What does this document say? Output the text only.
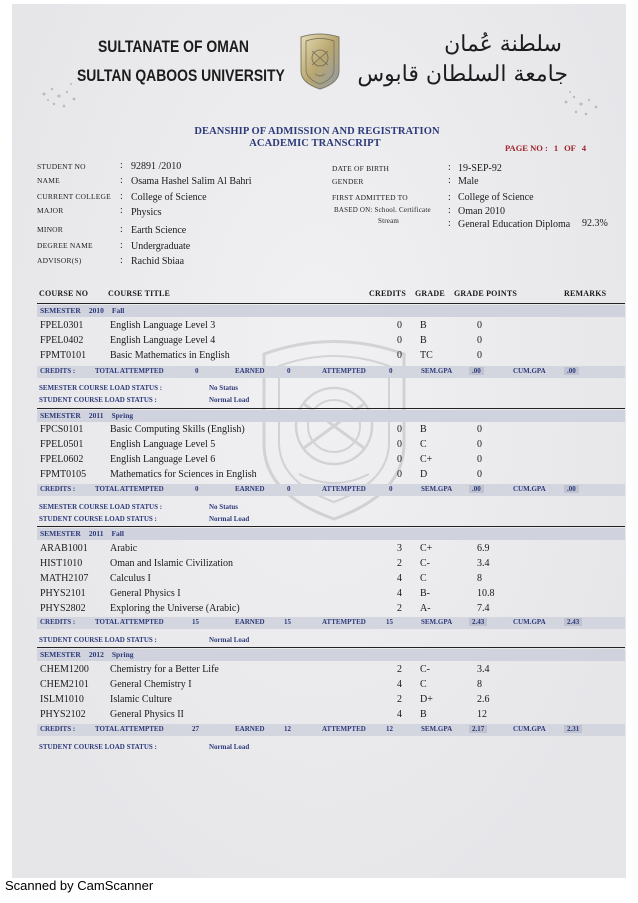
SULTANATE OF OMAN
SULTAN QABOOS UNIVERSITY
سلطنة عُمان
جامعة السلطان قابوس
DEANSHIP OF ADMISSION AND REGISTRATION
ACADEMIC TRANSCRIPT	PAGE NO : 1 OF 4
STUDENT NO	: 92891 /2010
NAME	: Osama Hashel Salim Al Bahri
CURRENT COLLEGE : College of Science
MAJOR	: Physics
MINOR	: Earth Science
DEGREE NAME	: Undergraduate
ADVISOR(S)	: Rachid Sbiaa
DATE OF BIRTH	: 19-SEP-92
GENDER	: Male
FIRST ADMITTED TO	: College of Science
BASED ON: School. Certificate : Oman 2010
Stream	: General Education Diploma 92.3%
COURSE NO COURSE TITLE	CREDITS GRADE GRADE POINTS	REMARKS
SEMESTER 2010 Fall
FPEL0301	English Language Level 3	0 B	0
FPEL0402	English Language Level 4	0 B	0
FPMT0101 Basic Mathematics in English	0 TC	0
CREDITS :	TOTAL ATTEMPTED	0	EARNED	0	ATTEMPTED	0	SEM.GPA	.00	CUM.GPA	.00
SEMESTER COURSE LOAD STATUS :	No Status
STUDENT COURSE LOAD STATUS :	Normal Load
SEMESTER 2011 Spring
FPCS0101	Basic Computing Skills (English)	0 B	0
FPEL0501	English Language Level 5	0 C	0
FPEL0602	English Language Level 6	0 C+	0
FPMT0105 Mathematics for Sciences in English	0 D	0
CREDITS :	TOTAL ATTEMPTED	0	EARNED	0	ATTEMPTED	0	SEM.GPA	.00	CUM.GPA	.00
SEMESTER COURSE LOAD STATUS :	No Status
STUDENT COURSE LOAD STATUS :	Normal Load
SEMESTER 2011 Fall
ARAB1001 Arabic	3 C+	6.9
HIST1010	Oman and Islamic Civilization	2 C-	3.4
MATH2107 Calculus I	4 C	8
PHYS2101 General Physics I	4 B-	10.8
PHYS2802 Exploring the Universe (Arabic)	2 A-	7.4
CREDITS :	TOTAL ATTEMPTED	15	EARNED	15	ATTEMPTED	15	SEM.GPA	2.43	CUM.GPA	2.43
STUDENT COURSE LOAD STATUS :	Normal Load
SEMESTER 2012 Spring
CHEM1200 Chemistry for a Better Life	2 C-	3.4
CHEM2101 General Chemistry I	4 C	8
ISLM1010	Islamic Culture	2 D+	2.6
PHYS2102 General Physics II	4 B	12
CREDITS :	TOTAL ATTEMPTED	27	EARNED	12	ATTEMPTED	12	SEM.GPA	2.17	CUM.GPA	2.31
STUDENT COURSE LOAD STATUS :	Normal Load
Scanned by CamScanner
